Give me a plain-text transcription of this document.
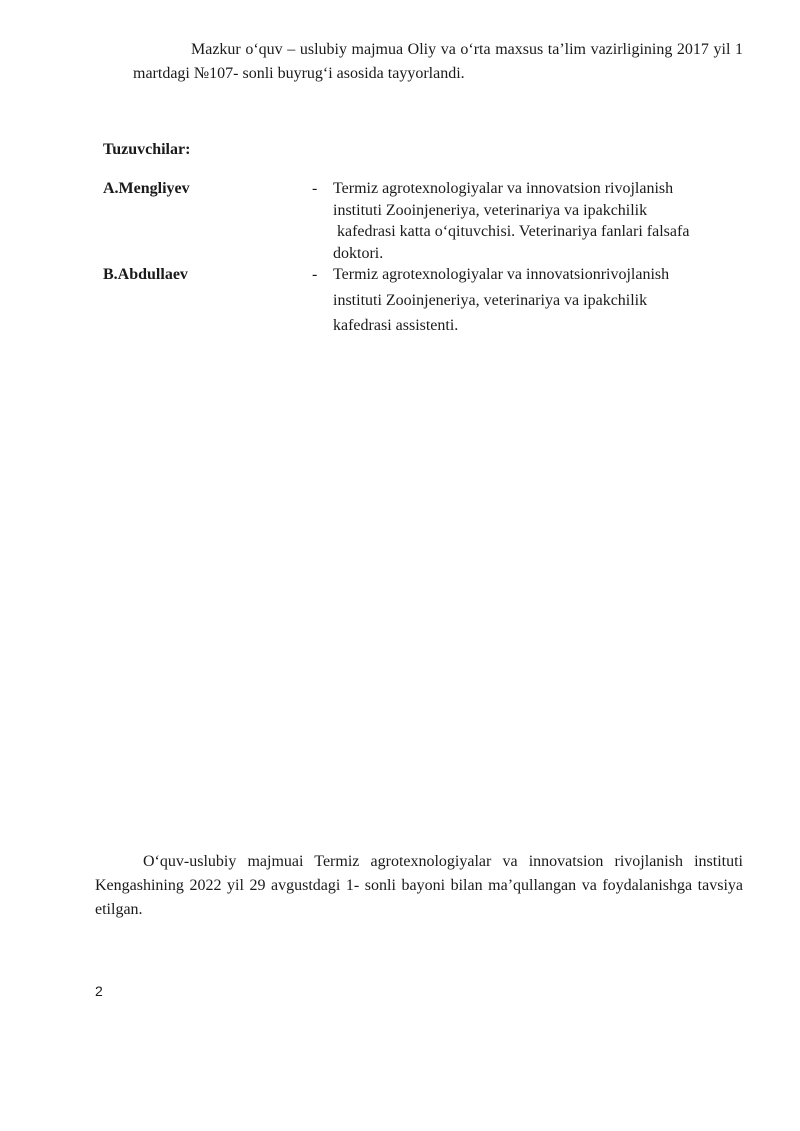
Mazkur o‘quv – uslubiy majmua Oliy va o‘rta maxsus ta’lim vazirligining 2017 yil 1 martdagi №107- sonli buyrug‘i asosida tayyorlandi.

Tuzuvchilar:

A.Mengliyev	- Termiz agrotexnologiyalar va innovatsion rivojlanish
instituti Zooinjeneriya, veterinariya va ipakchilik
kafedrasi katta o‘qituvchisi. Veterinariya fanlari falsafa
doktori.

B.Abdullaev	- Termiz agrotexnologiyalar va innovatsionrivojlanish
instituti Zooinjeneriya, veterinariya va ipakchilik
kafedrasi assistenti.

O‘quv-uslubiy majmuai Termiz agrotexnologiyalar va innovatsion rivojlanish instituti Kengashining 2022 yil 29 avgustdagi 1- sonli bayoni bilan ma’qullangan va foydalanishga tavsiya etilgan.

2
